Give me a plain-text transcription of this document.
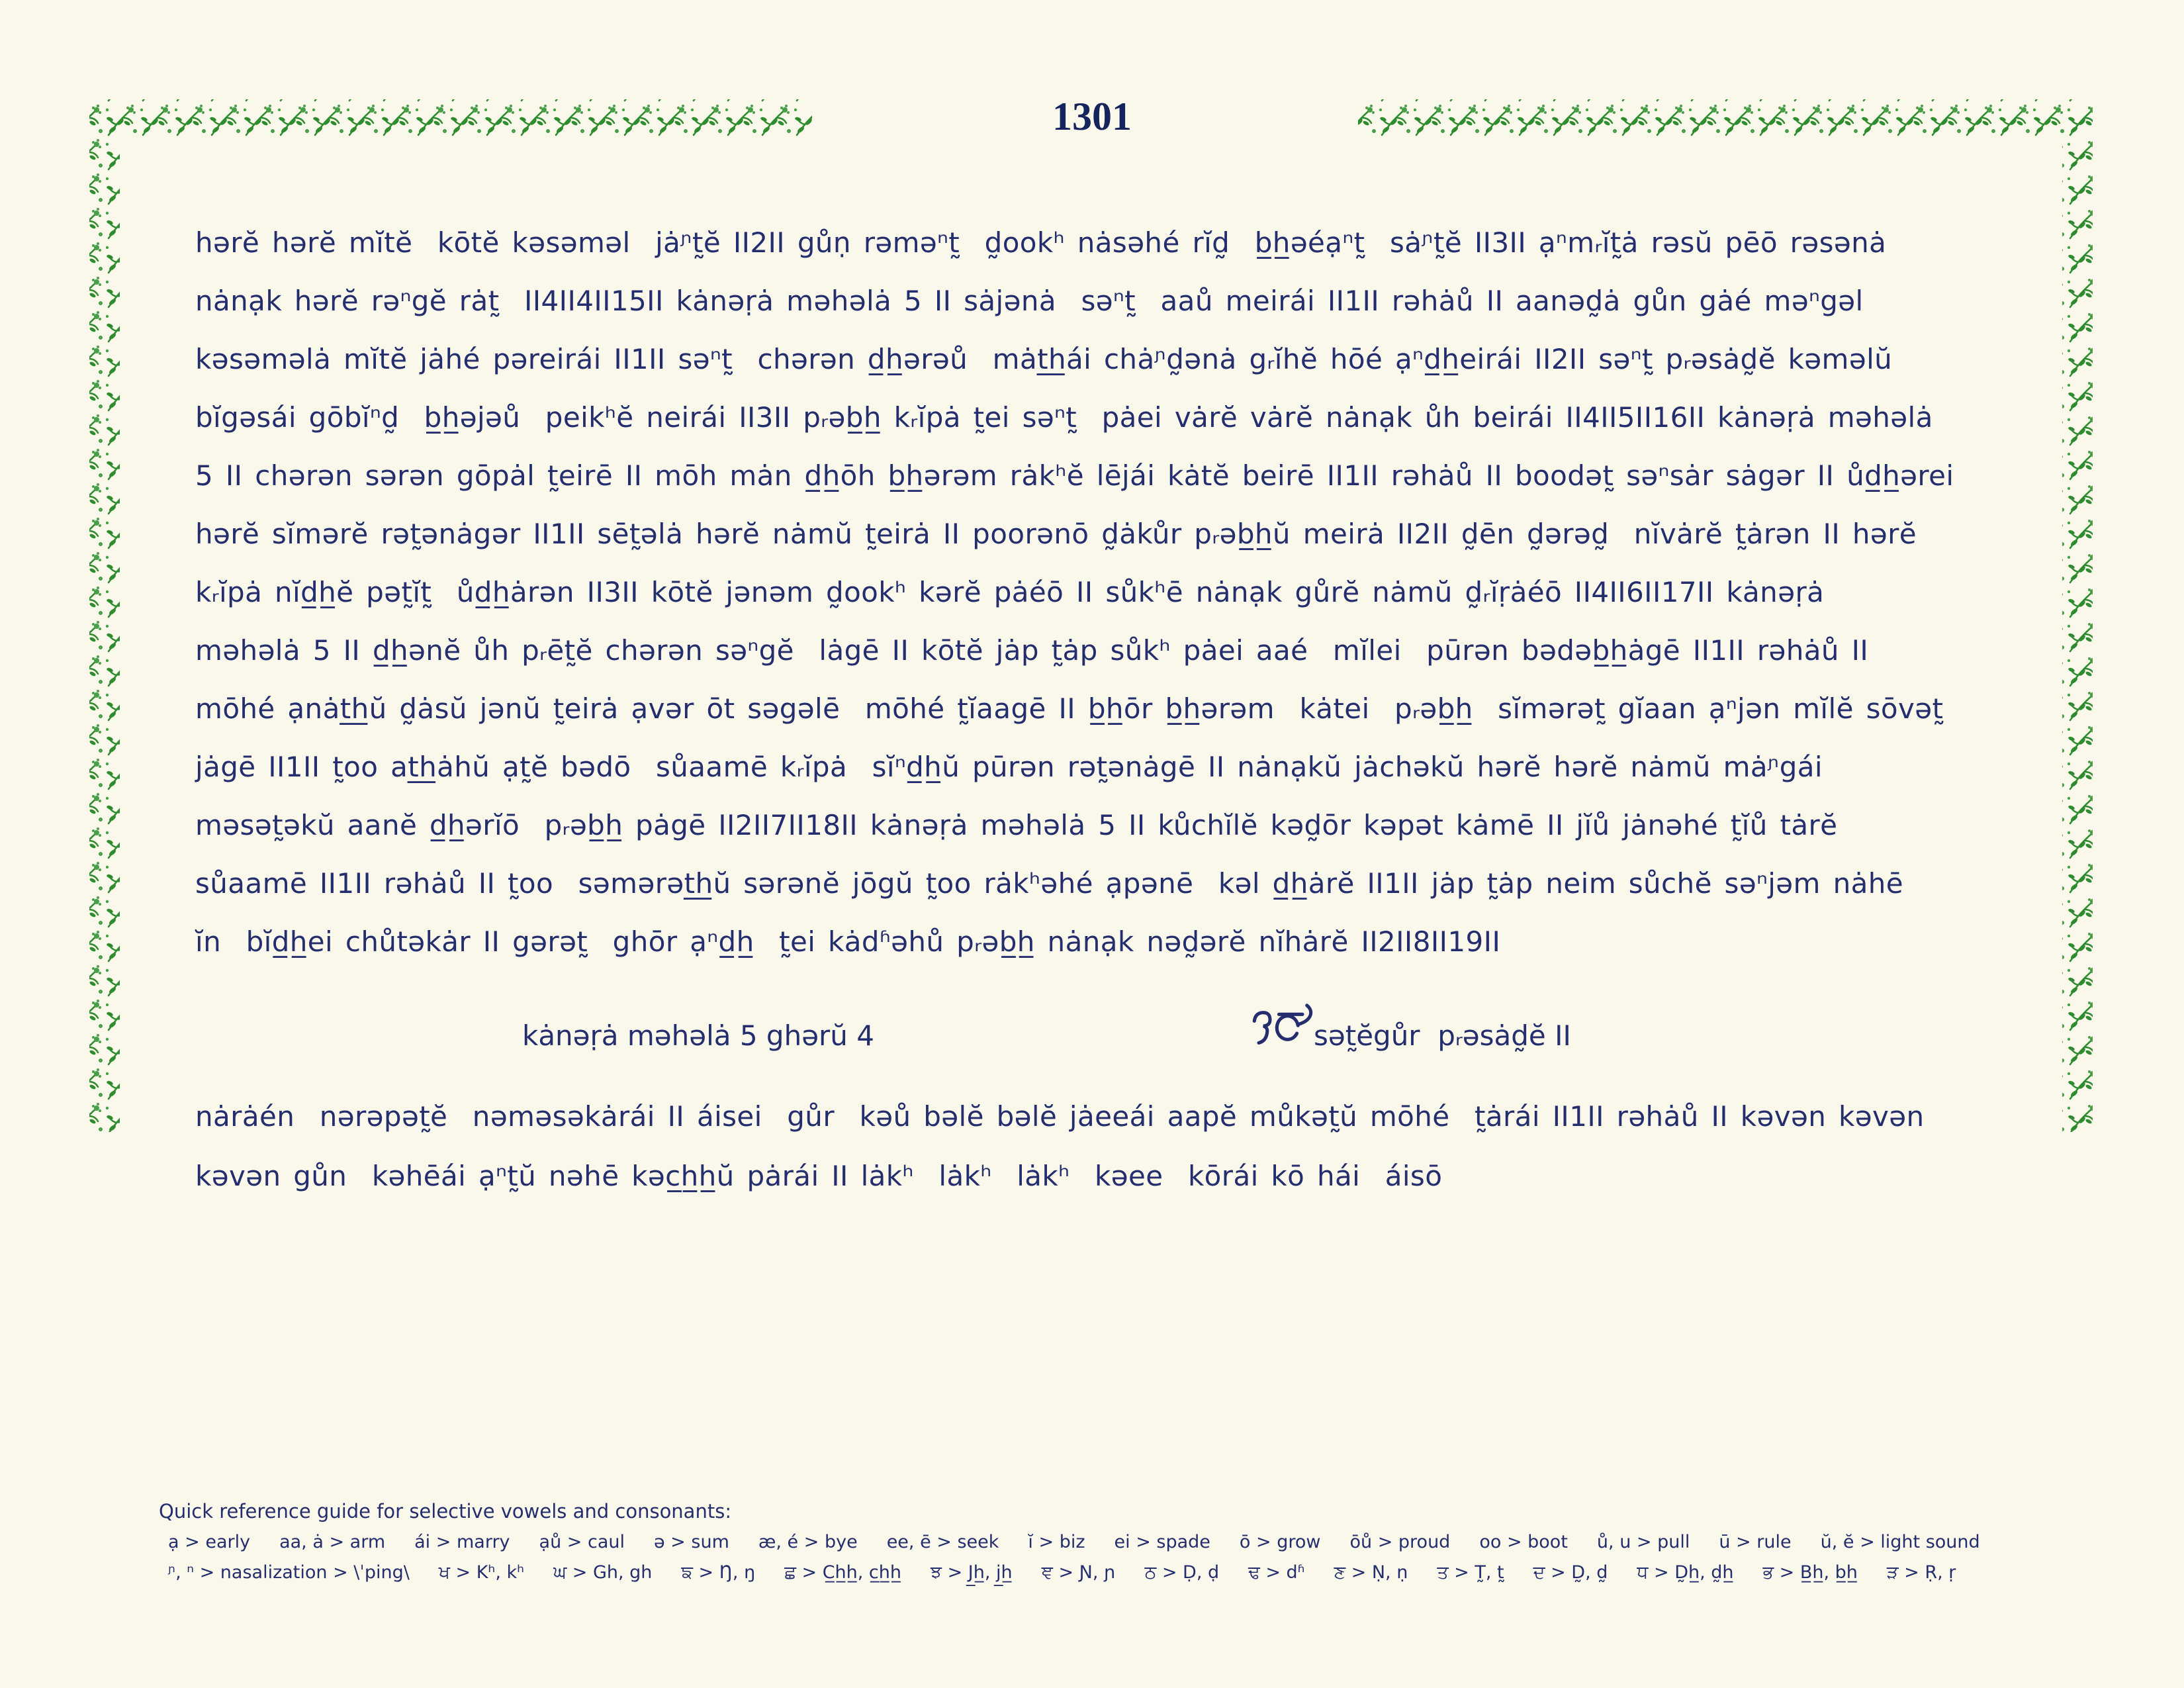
1301
hərĕ hərĕ mĭtĕ  kōtĕ kəsəməl  jȧᶮt̰ĕ II2II gůṇ rəməⁿt̰  d̰ookʰ nȧsəhé rĭd̰  b̲h̲əéạⁿt̰  sȧᶮt̰ĕ II3II ạⁿmᵣĭt̰ȧ rəsŭ pēō rəsənȧ
nȧnạk hərĕ rəⁿgĕ rȧt̰  II4II4II15II kȧnəṛȧ məhəlȧ 5 II sȧjənȧ  səⁿt̰  aaů meirái II1II rəhȧů II aanəd̰ȧ gůn gȧé məⁿgəl
kəsəməlȧ mĭtĕ jȧhé pəreirái II1II səⁿt̰  chərən d̲h̲ərəů  mȧt̲h̲ái chȧᶮd̰ənȧ gᵣĭhĕ hōé ạⁿd̲h̲eirái II2II səⁿt̰ pᵣəsȧd̰ĕ kəməlŭ
bĭgəsái gōbĭⁿd̰  b̲h̲əjəů  peikʰĕ neirái II3II pᵣəb̲h̲ kᵣĭpȧ t̰ei səⁿt̰  pȧei vȧrĕ vȧrĕ nȧnạk ůh beirái II4II5II16II kȧnəṛȧ məhəlȧ
5 II chərən sərən gōpȧl t̰eirē II mōh mȧn d̲h̲ōh b̲h̲ərəm rȧkʰĕ lējái kȧtĕ beirē II1II rəhȧů II boodət̰ səⁿsȧr sȧgər II ůd̲h̲ərei
hərĕ sĭmərĕ rət̰ənȧgər II1II sēt̰əlȧ hərĕ nȧmŭ t̰eirȧ II poorənō d̰ȧkůr pᵣəb̲h̲ŭ meirȧ II2II d̰ēn d̰ərəd̰  nĭvȧrĕ t̰ȧrən II hərĕ
kᵣĭpȧ nĭd̲h̲ĕ pət̰ĭt̰  ůd̲h̲ȧrən II3II kōtĕ jənəm d̰ookʰ kərĕ pȧéō II sůkʰē nȧnạk gůrĕ nȧmŭ d̰ᵣĭṛȧéō II4II6II17II kȧnəṛȧ
məhəlȧ 5 II d̲h̲ənĕ ůh pᵣēt̰ĕ chərən səⁿgĕ  lȧgē II kōtĕ jȧp t̰ȧp sůkʰ pȧei aaé  mĭlei  pūrən bədəb̲h̲ȧgē II1II rəhȧů II
mōhé ạnȧt̲h̲ŭ d̰ȧsŭ jənŭ t̰eirȧ ạvər ōt səgəlē  mōhé t̰ĭaagē II b̲h̲ōr b̲h̲ərəm  kȧtei  pᵣəb̲h̲  sĭmərət̰ gĭaan ạⁿjən mĭlĕ sōvət̰
jȧgē II1II t̰oo at̲h̲ȧhŭ ạt̰ĕ bədō  sůaamē kᵣĭpȧ  sĭⁿd̲h̲ŭ pūrən rət̰ənȧgē II nȧnạkŭ jȧchəkŭ hərĕ hərĕ nȧmŭ mȧᶮgái
məsət̰əkŭ aanĕ d̲h̲ərĭō  pᵣəb̲h̲ pȧgē II2II7II18II kȧnəṛȧ məhəlȧ 5 II kůchĭlĕ kəd̰ōr kəpət kȧmē II jĭů jȧnəhé t̰ĭů tȧrĕ
sůaamē II1II rəhȧů II t̰oo  səmərət̲h̲ŭ sərənĕ jōgŭ t̰oo rȧkʰəhé ạpənē  kəl d̲h̲ȧrĕ II1II jȧp t̰ȧp neim sůchĕ səⁿjəm nȧhē
ĭn  bĭd̲h̲ei chůtəkȧr II gərət̰  ghōr ạⁿd̲h̲  t̰ei kȧdʱəhů pᵣəb̲h̲ nȧnạk nəd̰ərĕ nĭhȧrĕ II2II8II19II
kȧnəṛȧ məhəlȧ 5 ghərŭ 4	sət̰ĕgůr  pᵣəsȧd̰ĕ II
nȧrȧén  nərəpət̰ĕ  nəməsəkȧrái II áisei  gůr  kəů bəlĕ bəlĕ jȧeeái aapĕ můkət̰ŭ mōhé  t̰ȧrái II1II rəhȧů II kəvən kəvən
kəvən gůn  kəhēái ạⁿt̰ŭ nəhē kəc̲h̲h̲ŭ pȧrái II lȧkʰ  lȧkʰ  lȧkʰ  kəee  kōrái kō hái  áisō
Quick reference guide for selective vowels and consonants:
ạ > early aa, ȧ > arm ái > marry ạů > caul ə > sum æ, é > bye ee, ē > seek ĭ > biz ei > spade ō > grow ōů > proud oo > boot ů, u > pull ū > rule ŭ, ĕ > light sound
ᶮ, ⁿ > nasalization > \ˈping\ ਖ > Kʰ, kʰ ਘ > Gh, gh ਙ > Ŋ, ŋ ਛ > C̲h̲h̲, c̲h̲h̲ ਝ > J̲h̲, j̲h̲ ਞ > Ɲ, ɲ ਠ > Ḍ, ḍ ਢ > dʱ ਣ > Ṇ, ṇ ਤ > T̰, t̰ ਦ > D̰, d̰ ਧ > D̰h̲, d̰h̲ ਭ > B̲h̲, b̲h̲ ੜ > Ṛ, ṛ
